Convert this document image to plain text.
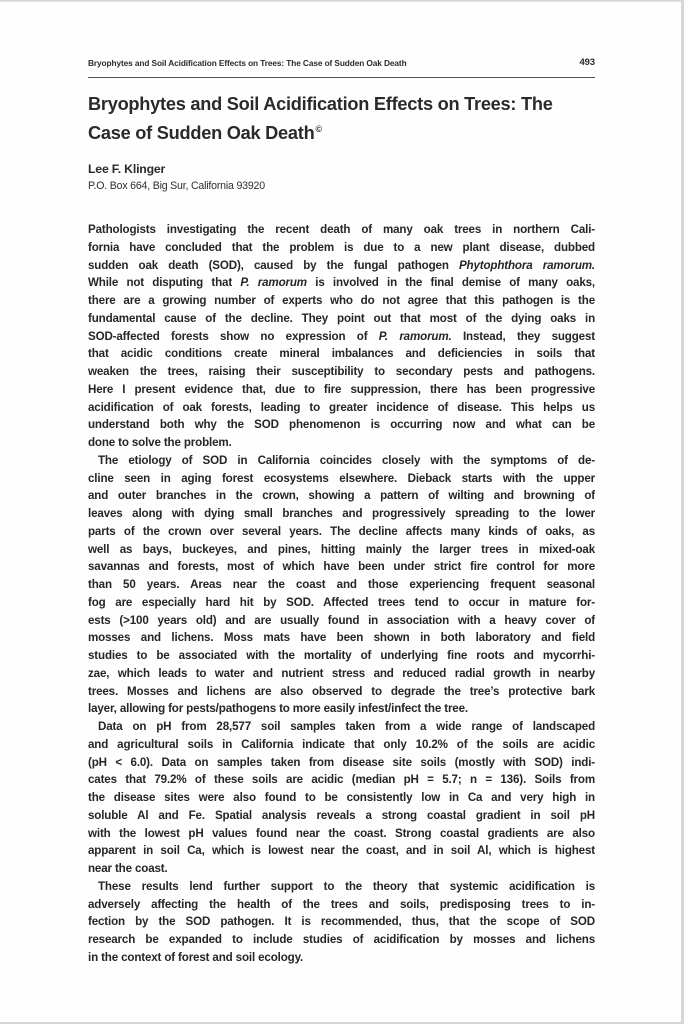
Bryophytes and Soil Acidification Effects on Trees: The Case of Sudden Oak Death	493
Bryophytes and Soil Acidification Effects on Trees: The
Case of Sudden Oak Death©
Lee F. Klinger
P.O. Box 664, Big Sur, California 93920
Pathologists investigating the recent death of many oak trees in northern Cali-
fornia have concluded that the problem is due to a new plant disease, dubbed
sudden oak death (SOD), caused by the fungal pathogen Phytophthora ramorum.
While not disputing that P. ramorum is involved in the final demise of many oaks,
there are a growing number of experts who do not agree that this pathogen is the
fundamental cause of the decline. They point out that most of the dying oaks in
SOD-affected forests show no expression of P. ramorum. Instead, they suggest
that acidic conditions create mineral imbalances and deficiencies in soils that
weaken the trees, raising their susceptibility to secondary pests and pathogens.
Here I present evidence that, due to fire suppression, there has been progressive
acidification of oak forests, leading to greater incidence of disease. This helps us
understand both why the SOD phenomenon is occurring now and what can be
done to solve the problem.
The etiology of SOD in California coincides closely with the symptoms of de-
cline seen in aging forest ecosystems elsewhere. Dieback starts with the upper
and outer branches in the crown, showing a pattern of wilting and browning of
leaves along with dying small branches and progressively spreading to the lower
parts of the crown over several years. The decline affects many kinds of oaks, as
well as bays, buckeyes, and pines, hitting mainly the larger trees in mixed-oak
savannas and forests, most of which have been under strict fire control for more
than 50 years. Areas near the coast and those experiencing frequent seasonal
fog are especially hard hit by SOD. Affected trees tend to occur in mature for-
ests (>100 years old) and are usually found in association with a heavy cover of
mosses and lichens. Moss mats have been shown in both laboratory and field
studies to be associated with the mortality of underlying fine roots and mycorrhi-
zae, which leads to water and nutrient stress and reduced radial growth in nearby
trees. Mosses and lichens are also observed to degrade the tree’s protective bark
layer, allowing for pests/pathogens to more easily infest/infect the tree.
Data on pH from 28,577 soil samples taken from a wide range of landscaped
and agricultural soils in California indicate that only 10.2% of the soils are acidic
(pH < 6.0). Data on samples taken from disease site soils (mostly with SOD) indi-
cates that 79.2% of these soils are acidic (median pH = 5.7; n = 136). Soils from
the disease sites were also found to be consistently low in Ca and very high in
soluble Al and Fe. Spatial analysis reveals a strong coastal gradient in soil pH
with the lowest pH values found near the coast. Strong coastal gradients are also
apparent in soil Ca, which is lowest near the coast, and in soil Al, which is highest
near the coast.
These results lend further support to the theory that systemic acidification is
adversely affecting the health of the trees and soils, predisposing trees to in-
fection by the SOD pathogen. It is recommended, thus, that the scope of SOD
research be expanded to include studies of acidification by mosses and lichens
in the context of forest and soil ecology.
